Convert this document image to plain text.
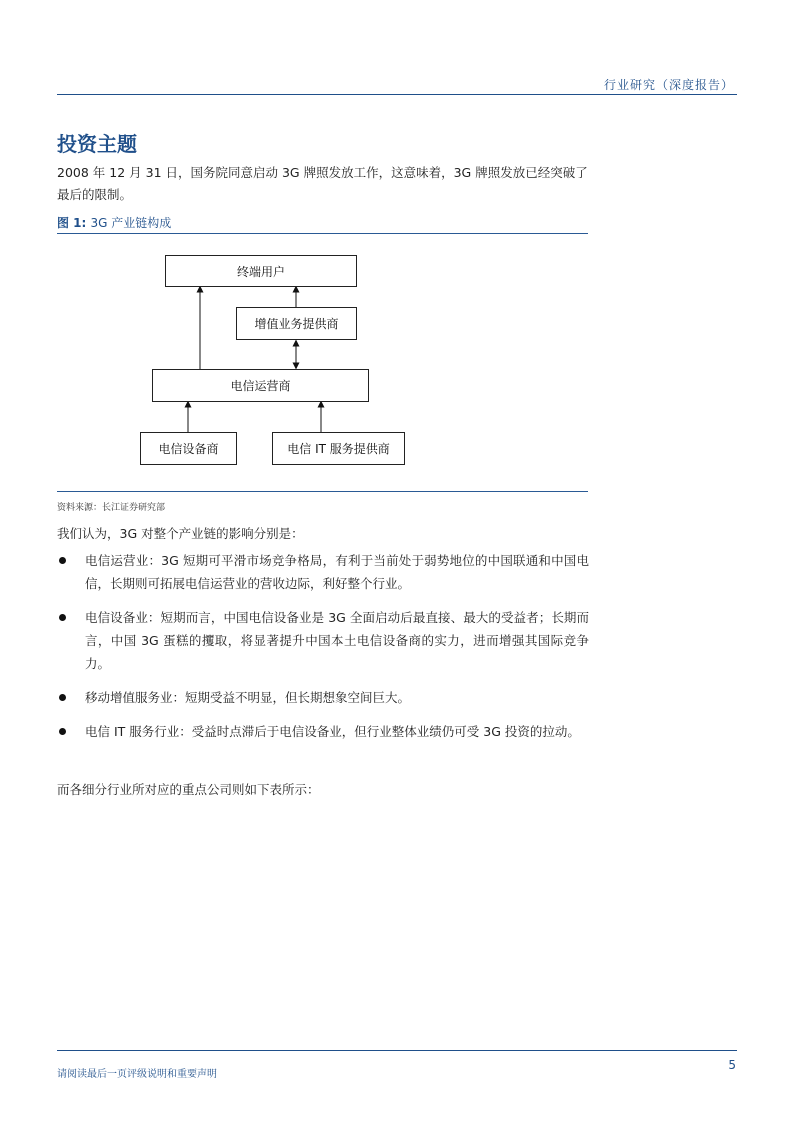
行业研究（深度报告）
投资主题

2008 年 12 月 31 日，国务院同意启动 3G 牌照发放工作，这意味着，3G 牌照发放已经突破了最后的限制。

图 1: 3G 产业链构成
终端用户
增值业务提供商
电信运营商
电信设备商	电信 IT 服务提供商
资料来源：长江证券研究部

我们认为，3G 对整个产业链的影响分别是：

电信运营业：3G 短期可平滑市场竞争格局，有利于当前处于弱势地位的中国联通和中国电信，长期则可拓展电信运营业的营收边际，利好整个行业。
电信设备业：短期而言，中国电信设备业是 3G 全面启动后最直接、最大的受益者；长期而言，中国 3G 蛋糕的攫取，将显著提升中国本土电信设备商的实力，进而增强其国际竞争力。
移动增值服务业：短期受益不明显，但长期想象空间巨大。
电信 IT 服务行业：受益时点滞后于电信设备业，但行业整体业绩仍可受 3G 投资的拉动。

而各细分行业所对应的重点公司则如下表所示：

请阅读最后一页评级说明和重要声明
5
